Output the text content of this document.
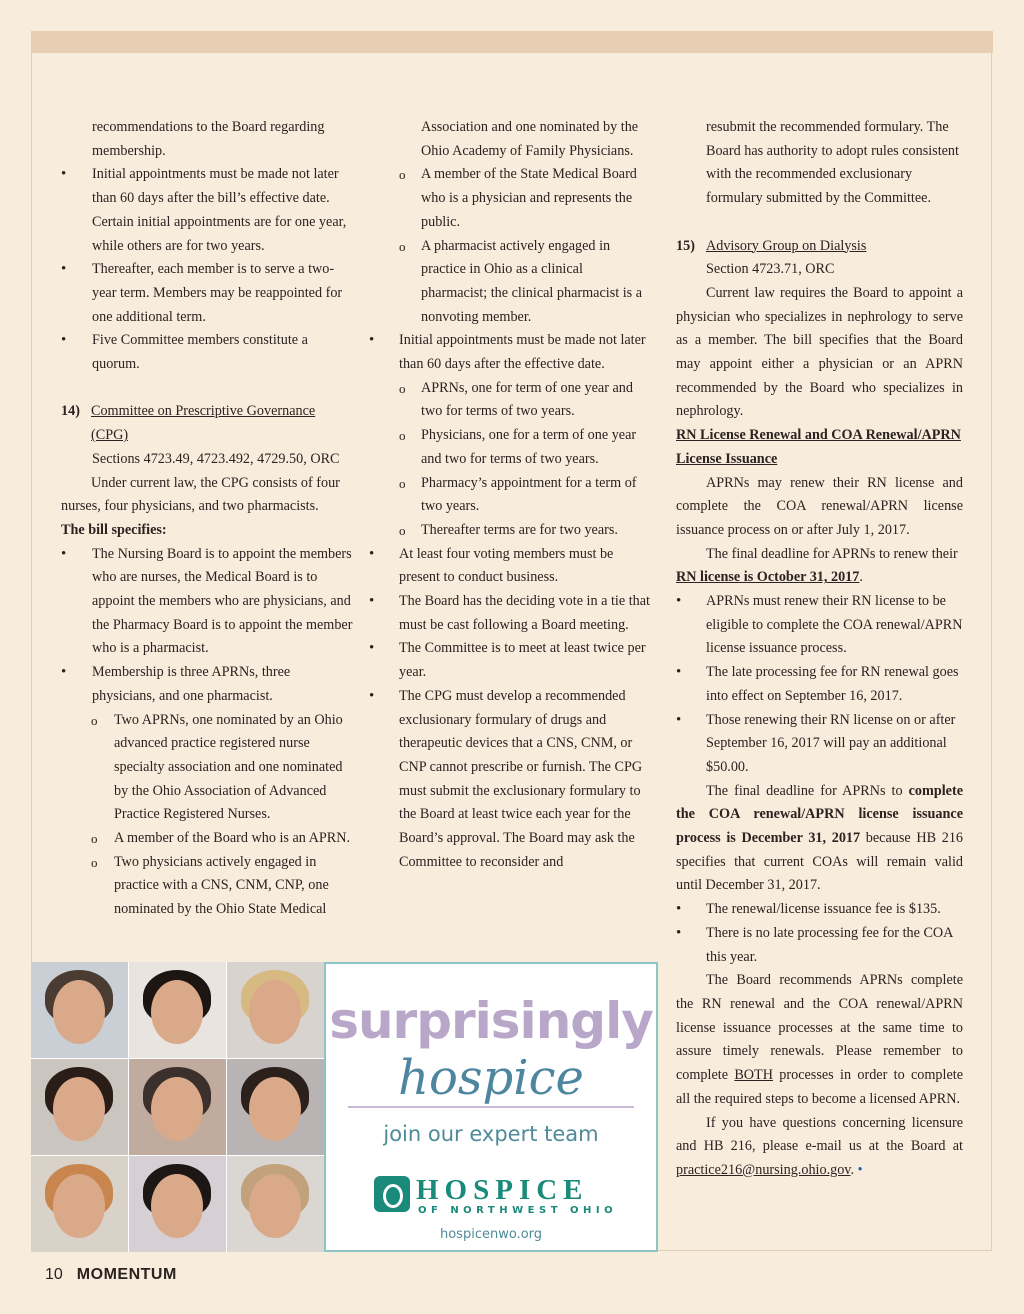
recommendations to the Board regarding

membership.

• Initial appointments must be made not later than 60 days after the bill’s effective date. Certain initial appointments are for one year, while others are for two years.

• Thereafter, each member is to serve a two-year term. Members may be reappointed for one additional term.

• Five Committee members constitute a quorum.

14) Committee on Prescriptive Governance (CPG)

Sections 4723.49, 4723.492, 4729.50, ORC

Under current law, the CPG consists of four nurses, four physicians, and two pharmacists.

The bill specifies:

• The Nursing Board is to appoint the members who are nurses, the Medical Board is to appoint the members who are physicians, and the Pharmacy Board is to appoint the member who is a pharmacist.

• Membership is three APRNs, three physicians, and one pharmacist.

o Two APRNs, one nominated by an Ohio advanced practice registered nurse specialty association and one nominated by the Ohio Association of Advanced Practice Registered Nurses.

o A member of the Board who is an APRN.

o Two physicians actively engaged in practice with a CNS, CNM, CNP, one nominated by the Ohio State Medical

Association and one nominated by the Ohio Academy of Family Physicians.

o A member of the State Medical Board who is a physician and represents the public.

o A pharmacist actively engaged in practice in Ohio as a clinical pharmacist; the clinical pharmacist is a nonvoting member.

• Initial appointments must be made not later than 60 days after the effective date.

o APRNs, one for term of one year and two for terms of two years.

o Physicians, one for a term of one year and two for terms of two years.

o Pharmacy’s appointment for a term of two years.

o Thereafter terms are for two years.

• At least four voting members must be present to conduct business.

• The Board has the deciding vote in a tie that must be cast following a Board meeting.

• The Committee is to meet at least twice per year.

• The CPG must develop a recommended exclusionary formulary of drugs and therapeutic devices that a CNS, CNM, or CNP cannot prescribe or furnish. The CPG must submit the exclusionary formulary to the Board at least twice each year for the Board’s approval. The Board may ask the Committee to reconsider and

resubmit the recommended formulary. The Board has authority to adopt rules consistent with the recommended exclusionary formulary submitted by the Committee.

15) Advisory Group on Dialysis

Section 4723.71, ORC

Current law requires the Board to appoint a physician who specializes in nephrology to serve as a member. The bill specifies that the Board may appoint either a physician or an APRN recommended by the Board who specializes in nephrology.

RN License Renewal and COA Renewal/APRN License Issuance

APRNs may renew their RN license and complete the COA renewal/APRN license issuance process on or after July 1, 2017.

The final deadline for APRNs to renew their RN license is October 31, 2017.

• APRNs must renew their RN license to be eligible to complete the COA renewal/APRN license issuance process.

• The late processing fee for RN renewal goes into effect on September 16, 2017.

• Those renewing their RN license on or after September 16, 2017 will pay an additional $50.00.

The final deadline for APRNs to complete the COA renewal/APRN license issuance process is December 31, 2017 because HB 216 specifies that current COAs will remain valid until December 31, 2017.

• The renewal/license issuance fee is $135.

• There is no late processing fee for the COA this year.

The Board recommends APRNs complete the RN renewal and the COA renewal/APRN license issuance processes at the same time to assure timely renewals. Please remember to complete BOTH processes in order to complete all the required steps to become a licensed APRN.

If you have questions concerning licensure and HB 216, please e-mail us at the Board at practice216@nursing.ohio.gov. •

surprisingly
hospice
join our expert team
HOSPICE
OF NORTHWEST OHIO
hospicenwo.org
10 MOMENTUM
